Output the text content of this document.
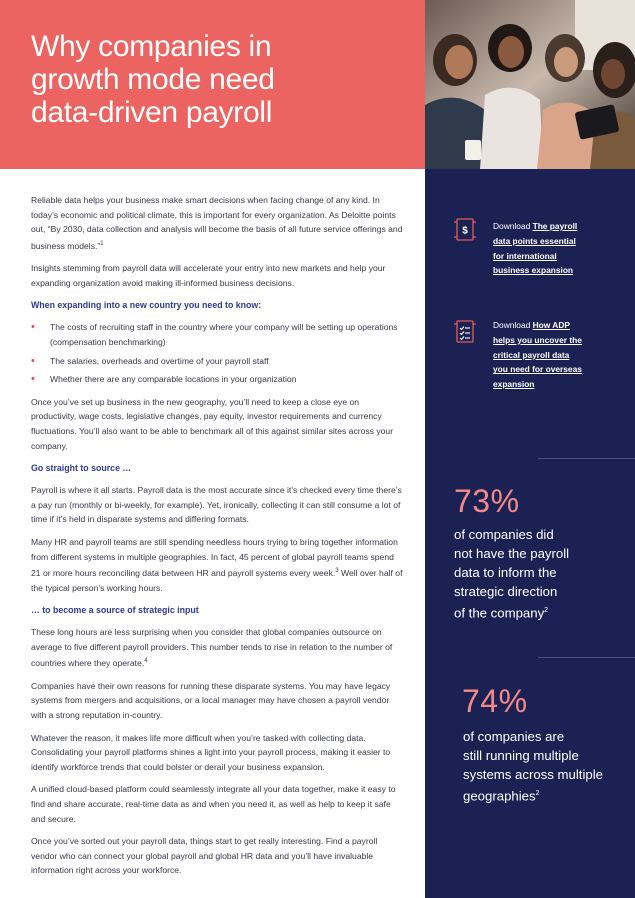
Why companies in
growth mode need
data-driven payroll
$	Download The payroll
data points essential
for international
business expansion
Download How ADP
helps you uncover the
critical payroll data
you need for overseas
expansion
73%
of companies did
not have the payroll
data to inform the
strategic direction
of the company$^2$
74%
of companies are
still running multiple
systems across multiple
geographies$^2$

Reliable data helps your business make smart decisions when facing change of any kind. In today’s economic and political climate, this is important for every organization. As Deloitte points out, “By 2030, data collection and analysis will become the basis of all future service offerings and business models.”$^1$

Insights stemming from payroll data will accelerate your entry into new markets and help your expanding organization avoid making ill-informed business decisions.

When expanding into a new country you need to know:
• The costs of recruiting staff in the country where your company will be setting up operations (compensation benchmarking)
• The salaries, overheads and overtime of your payroll staff
• Whether there are any comparable locations in your organization

Once you’ve set up business in the new geography, you’ll need to keep a close eye on productivity, wage costs, legislative changes, pay equity, investor requirements and currency fluctuations. You’ll also want to be able to benchmark all of this against similar sites across your company.

Go straight to source …

Payroll is where it all starts. Payroll data is the most accurate since it’s checked every time there’s a pay run (monthly or bi-weekly, for example). Yet, ironically, collecting it can still consume a lot of time if it’s held in disparate systems and differing formats.

Many HR and payroll teams are still spending needless hours trying to bring together information from different systems in multiple geographies. In fact, 45 percent of global payroll teams spend 21 or more hours reconciling data between HR and payroll systems every week.$^3$ Well over half of the typical person’s working hours.

… to become a source of strategic input

These long hours are less surprising when you consider that global companies outsource on average to five different payroll providers. This number tends to rise in relation to the number of countries where they operate.$^4$

Companies have their own reasons for running these disparate systems. You may have legacy systems from mergers and acquisitions, or a local manager may have chosen a payroll vendor with a strong reputation in-country.

Whatever the reason, it makes life more difficult when you’re tasked with collecting data. Consolidating your payroll platforms shines a light into your payroll process, making it easier to identify workforce trends that could bolster or derail your business expansion.

A unified cloud-based platform could seamlessly integrate all your data together, make it easy to find and share accurate, real-time data as and when you need it, as well as help to keep it safe and secure.

Once you’ve sorted out your payroll data, things start to get really interesting. Find a payroll vendor who can connect your global payroll and global HR data and you’ll have invaluable information right across your workforce.
